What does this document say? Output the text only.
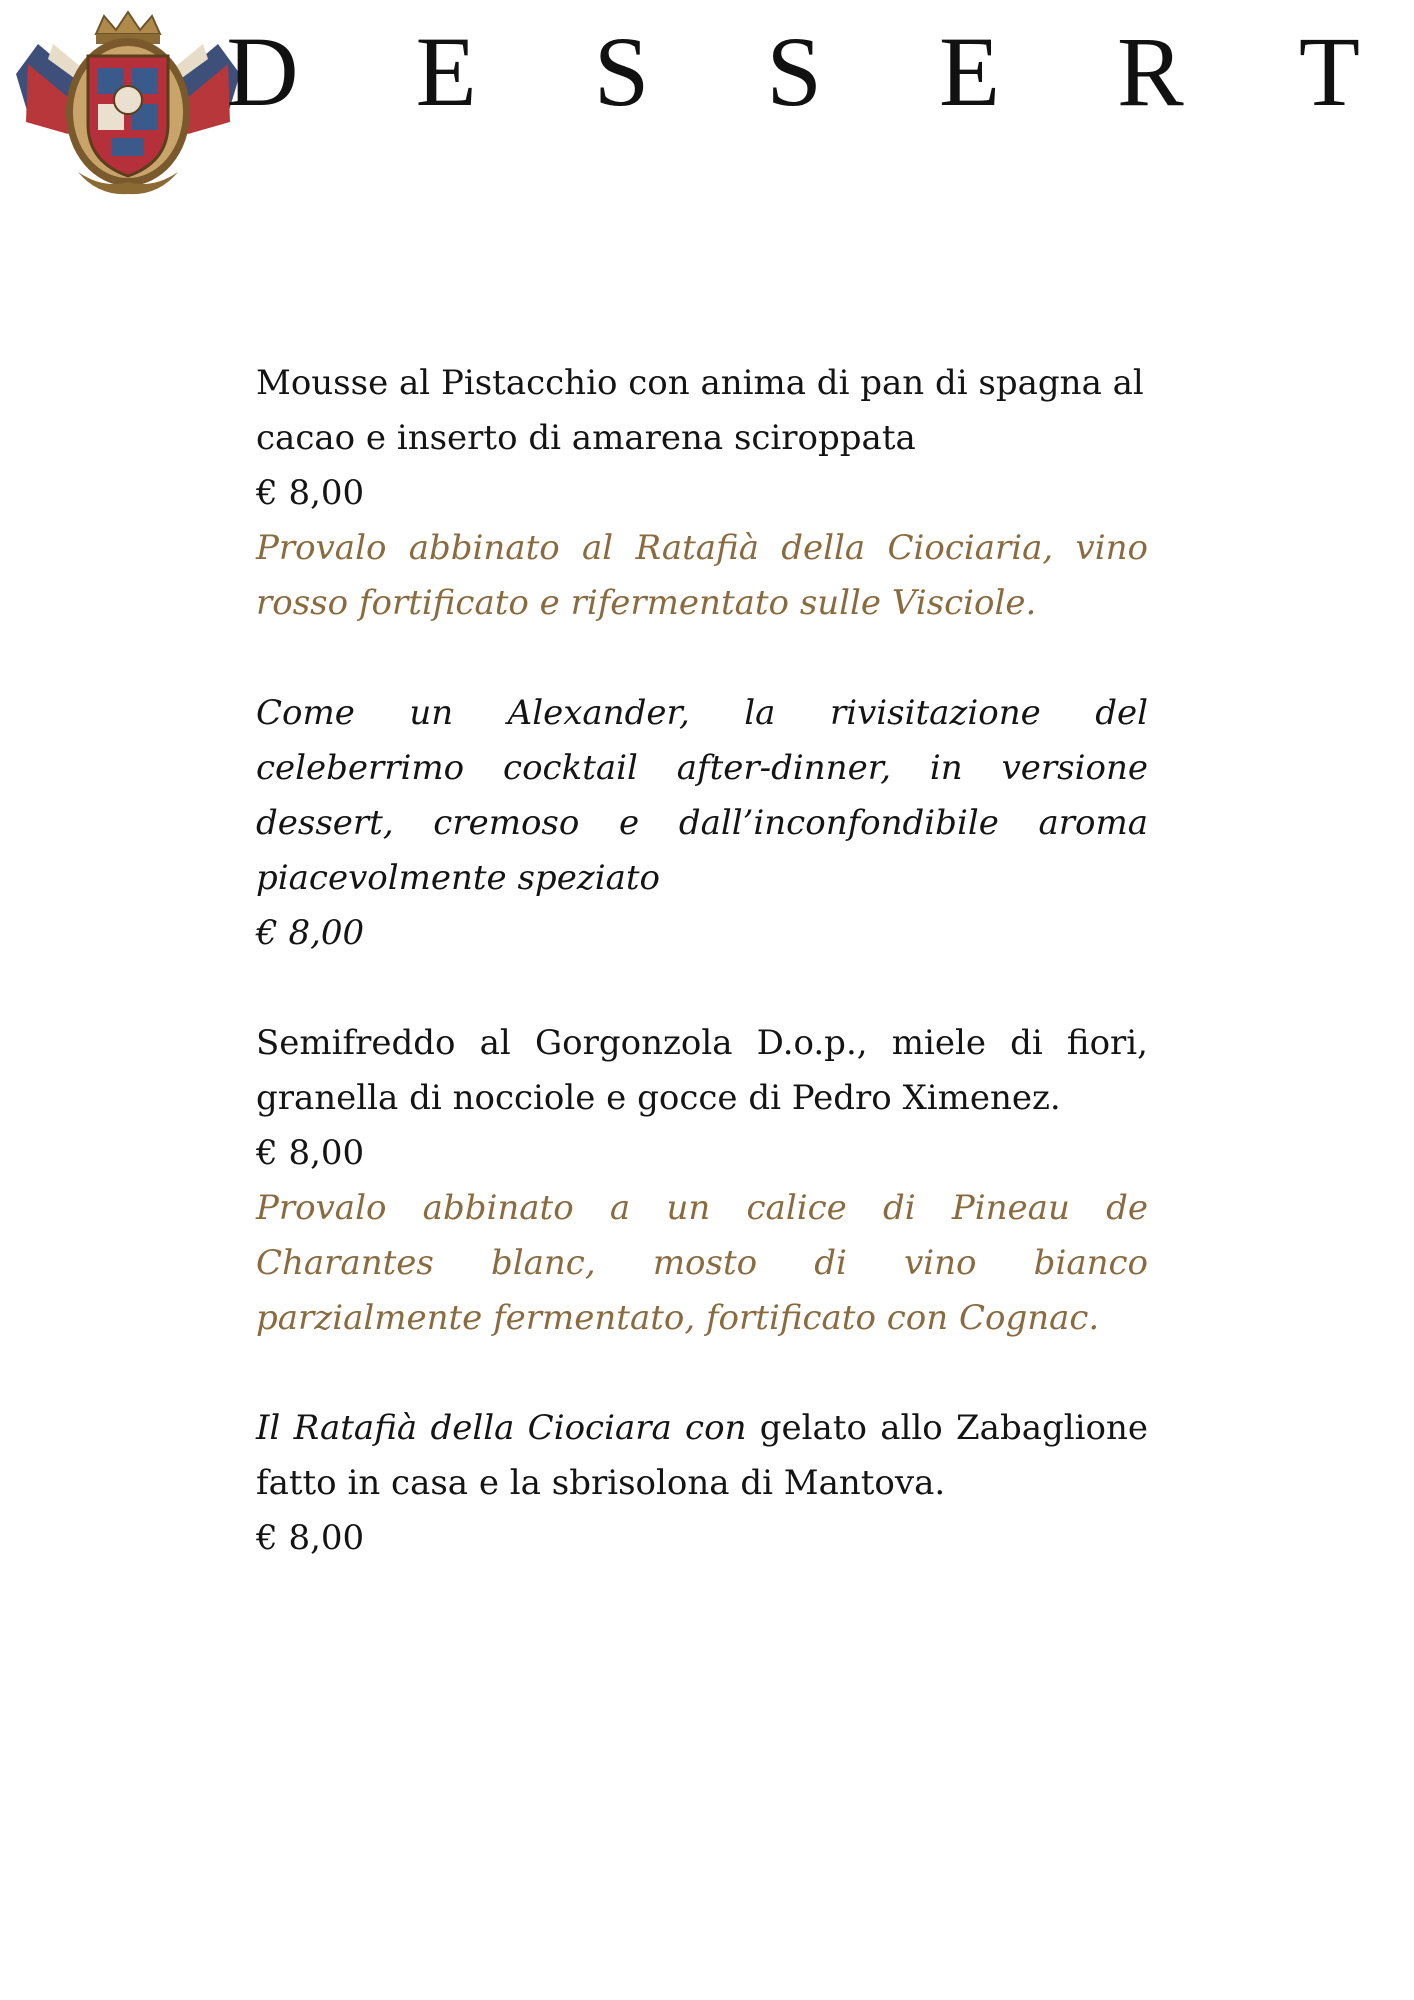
D E S S E R T

Mousse al Pistacchio con anima di pan di spagna al cacao e inserto di amarena sciroppata

€ 8,00

Provalo abbinato al Ratafià della Ciociaria, vino rosso fortificato e rifermentato sulle Visciole.

Come un Alexander, la rivisitazione del celeberrimo cocktail after-dinner, in versione dessert, cremoso e dall’inconfondibile aroma piacevolmente speziato

€ 8,00

Semifreddo al Gorgonzola D.o.p., miele di fiori, granella di nocciole e gocce di Pedro Ximenez.

€ 8,00

Provalo abbinato a un calice di Pineau de Charantes blanc, mosto di vino bianco parzialmente fermentato, fortificato con Cognac.

Il Ratafià della Ciociara con gelato allo Zabaglione fatto in casa e la sbrisolona di Mantova.

€ 8,00
